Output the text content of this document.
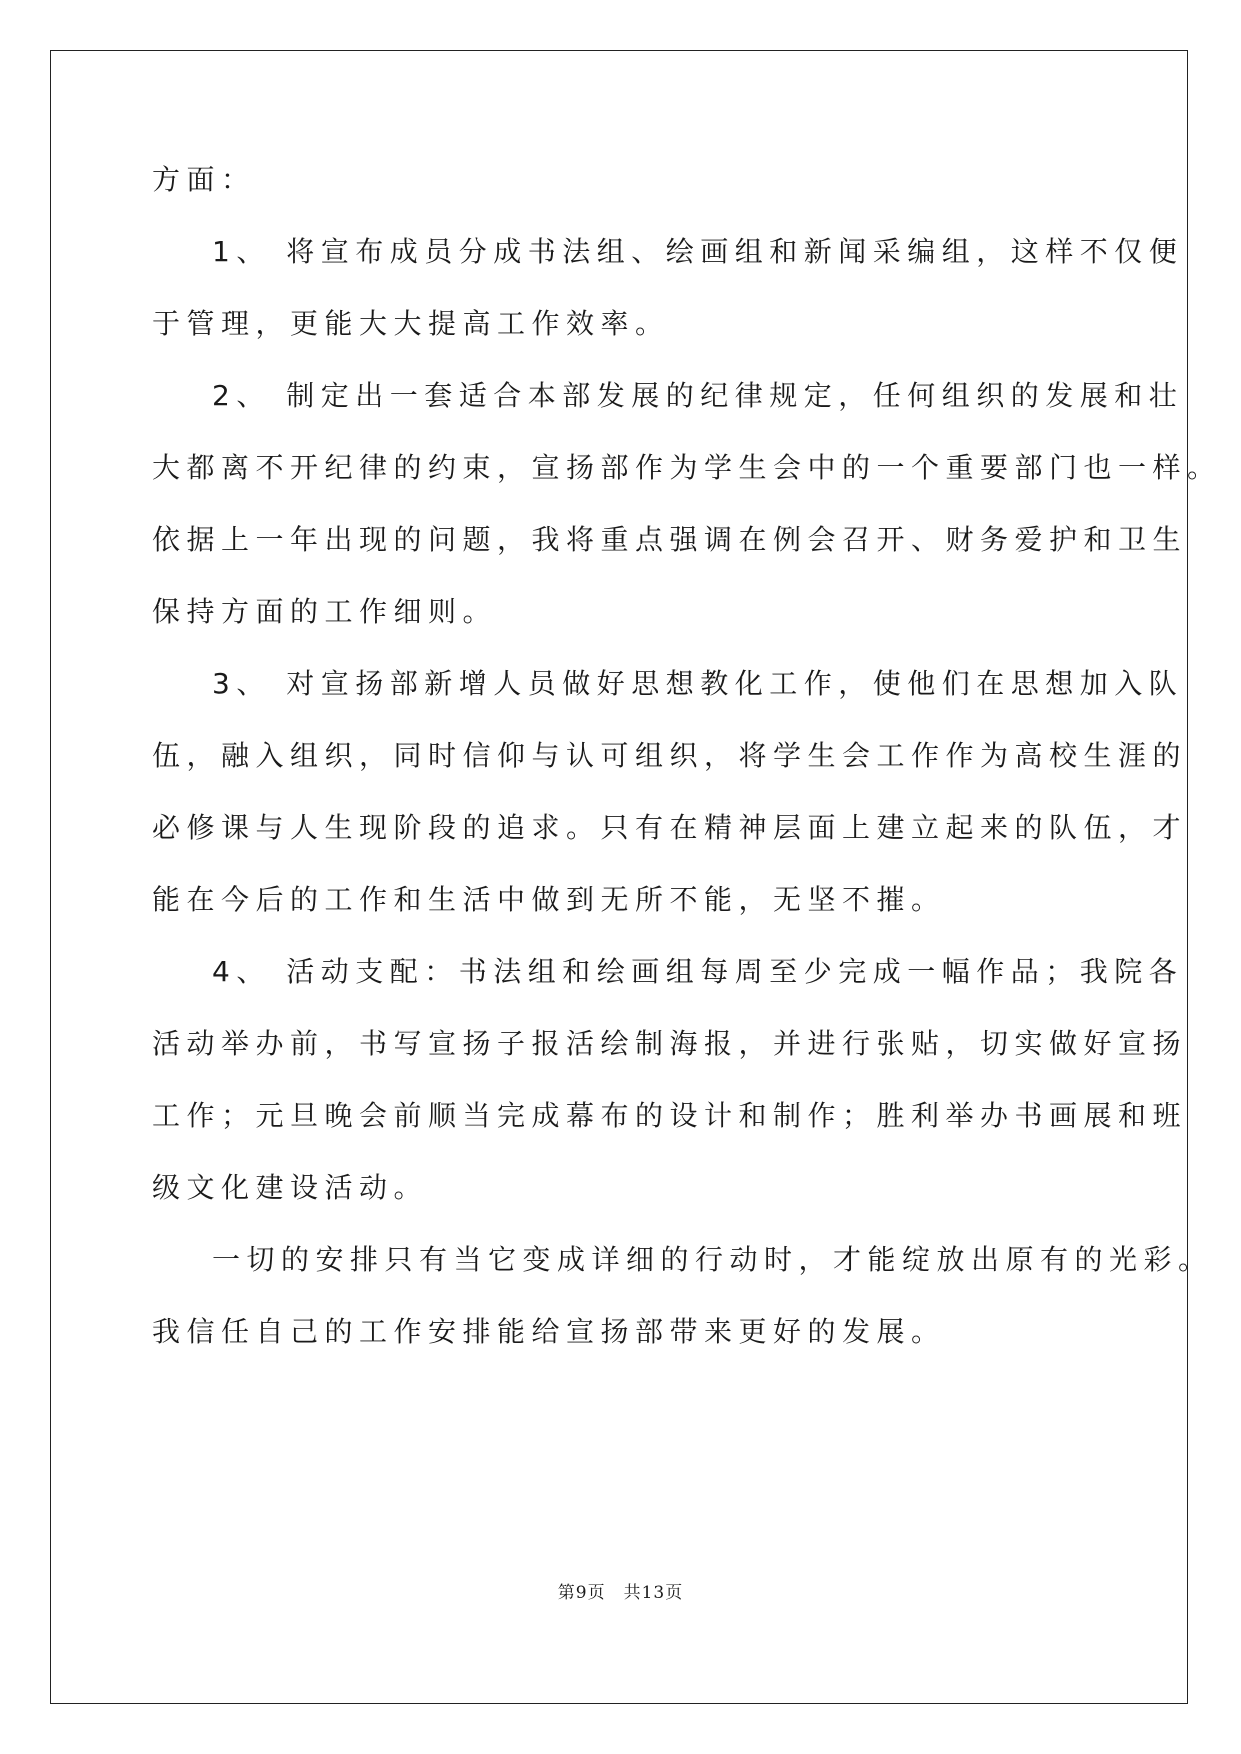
方面：
1、 将宣布成员分成书法组、绘画组和新闻采编组，这样不仅便
于管理，更能大大提高工作效率。
2、 制定出一套适合本部发展的纪律规定，任何组织的发展和壮
大都离不开纪律的约束，宣扬部作为学生会中的一个重要部门也一样。
依据上一年出现的问题，我将重点强调在例会召开、财务爱护和卫生
保持方面的工作细则。
3、 对宣扬部新增人员做好思想教化工作，使他们在思想加入队
伍，融入组织，同时信仰与认可组织，将学生会工作作为高校生涯的
必修课与人生现阶段的追求。只有在精神层面上建立起来的队伍，才
能在今后的工作和生活中做到无所不能，无坚不摧。
4、 活动支配：书法组和绘画组每周至少完成一幅作品；我院各
活动举办前，书写宣扬子报活绘制海报，并进行张贴，切实做好宣扬
工作；元旦晚会前顺当完成幕布的设计和制作；胜利举办书画展和班
级文化建设活动。
一切的安排只有当它变成详细的行动时，才能绽放出原有的光彩。
我信任自己的工作安排能给宣扬部带来更好的发展。
第9页　共13页
